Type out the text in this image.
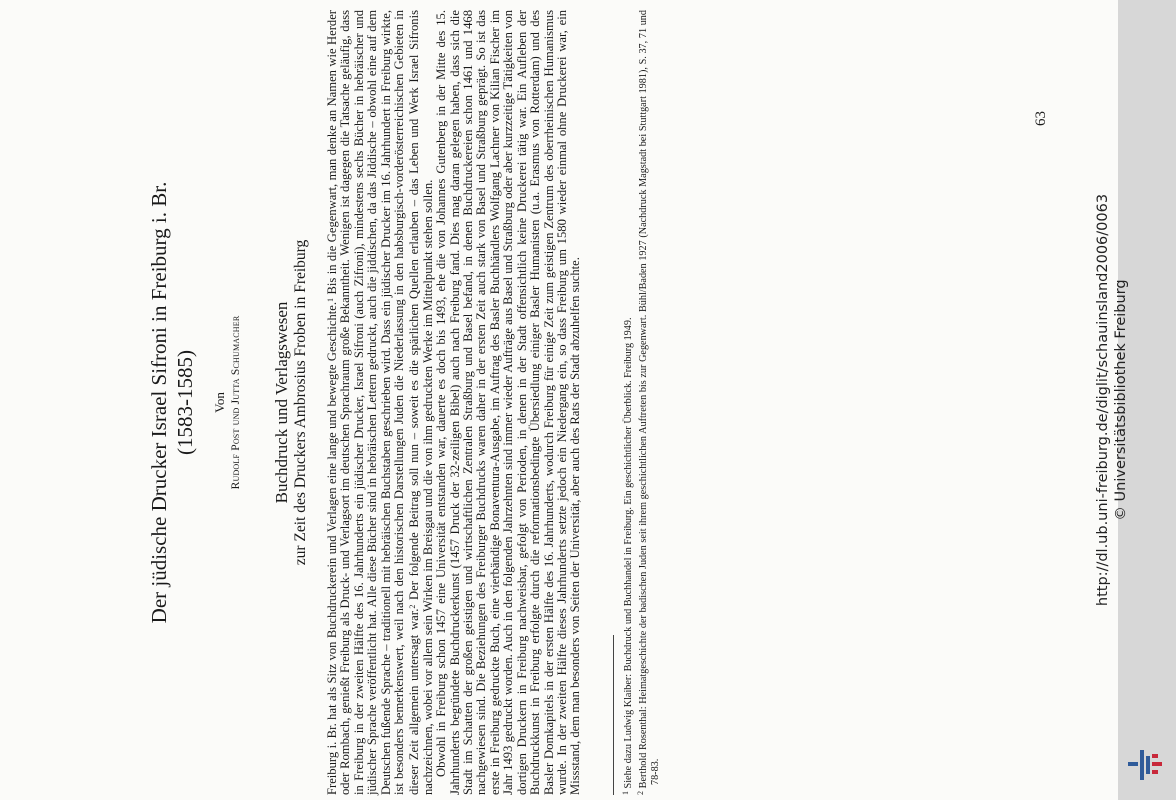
Der jüdische Drucker Israel Sifroni in Freiburg i. Br. (1583-1585) Von Rudolf Post und Jutta Schumacher Buchdruck und Verlagswesen zur Zeit des Druckers Ambrosius Froben in Freiburg Freiburg i. Br. hat als Sitz von Buchdruckerein und Verlagen eine lange und bewegte Geschichte.$^1$ Bis in die Gegenwart, man denke an Namen wie Herder oder Rombach, genießt Freiburg als Druck- und Verlagsort im deutschen Sprachraum große Bekanntheit. Wenigen ist dagegen die Tatsache geläufig, dass in Freiburg in der zweiten Hälfte des 16. Jahrhunderts ein jüdischer Drucker, Israel Sifroni (auch Zifroni), mindestens sechs Bücher in hebräischer und jüdischer Sprache veröffentlicht hat. Alle diese Bücher sind in hebräischen Lettern gedruckt, auch die jiddischen, da das Jiddische – obwohl eine auf dem Deutschen fußende Sprache – traditionell mit hebräischen Buchstaben geschrieben wird. Dass ein jüdischer Drucker im 16. Jahrhundert in Freiburg wirkte, ist besonders bemerkenswert, weil nach den historischen Darstellungen Juden die Niederlassung in den habsburgisch-vorderösterreichischen Gebieten in dieser Zeit allgemein untersagt war.$^2$ Der folgende Beitrag soll nun – soweit es die spärlichen Quellen erlauben – das Leben und Werk Israel Sifronis nachzeichnen, wobei vor allem sein Wirken im Breisgau und die von ihm gedruckten Werke im Mittelpunkt stehen sollen. Obwohl in Freiburg schon 1457 eine Universität entstanden war, dauerte es doch bis 1493, ehe die von Johannes Gutenberg in der Mitte des 15. Jahrhunderts begründete Buchdruckerkunst (1457 Druck der 32-zeiligen Bibel) auch nach Freiburg fand. Dies mag daran gelegen haben, dass sich die Stadt im Schatten der großen geistigen und wirtschaftlichen Zentralen Straßburg und Basel befand, in denen Buchdruckereien schon 1461 und 1468 nachgewiesen sind. Die Beziehungen des Freiburger Buchdrucks waren daher in der ersten Zeit auch stark von Basel und Straßburg geprägt. So ist das erste in Freiburg gedruckte Buch, eine vierbändige Bonaventura-Ausgabe, im Auftrag des Basler Buchhändlers Wolfgang Lachner von Kilian Fischer im Jahr 1493 gedruckt worden. Auch in den folgenden Jahrzehnten sind immer wieder Aufträge aus Basel und Straßburg oder aber kurzzeitige Tätigkeiten von dortigen Druckern in Freiburg nachweisbar, gefolgt von Perioden, in denen in der Stadt offensichtlich keine Druckerei tätig war. Ein Aufleben der Buchdruckkunst in Freiburg erfolgte durch die reformationsbedingte Übersiedlung einiger Basler Humanisten (u.a. Erasmus von Rotterdam) und des Basler Domkapitels in der ersten Hälfte des 16. Jahrhunderts, wodurch Freiburg für einige Zeit zum geistigen Zentrum des oberrheinischen Humanismus wurde. In der zweiten Hälfte dieses Jahrhunderts setzte jedoch ein Niedergang ein, so dass Freiburg um 1580 wieder einmal ohne Druckerei war, ein Missstand, dem man besonders von Seiten der Universität, aber auch des Rats der Stadt abzuhelfen suchte.	$^1$ Siehe dazu Ludwig Klaiber: Buchdruck und Buchhandel in Freiburg. Ein geschichtlicher Überblick. Freiburg 1949.

$^2$ Berthold Rosenthal: Heimatgeschichte der badischen Juden seit ihrem geschichtlichen Auftreten bis zur Gegenwart. Bühl/Baden 1927 (Nachdruck Magstadt bei Stuttgart 1981), S. 37, 71 und 78-83.

63
http://dl.ub.uni-freiburg.de/diglit/schauinsland2006/0063 © Universitätsbibliothek Freiburg
